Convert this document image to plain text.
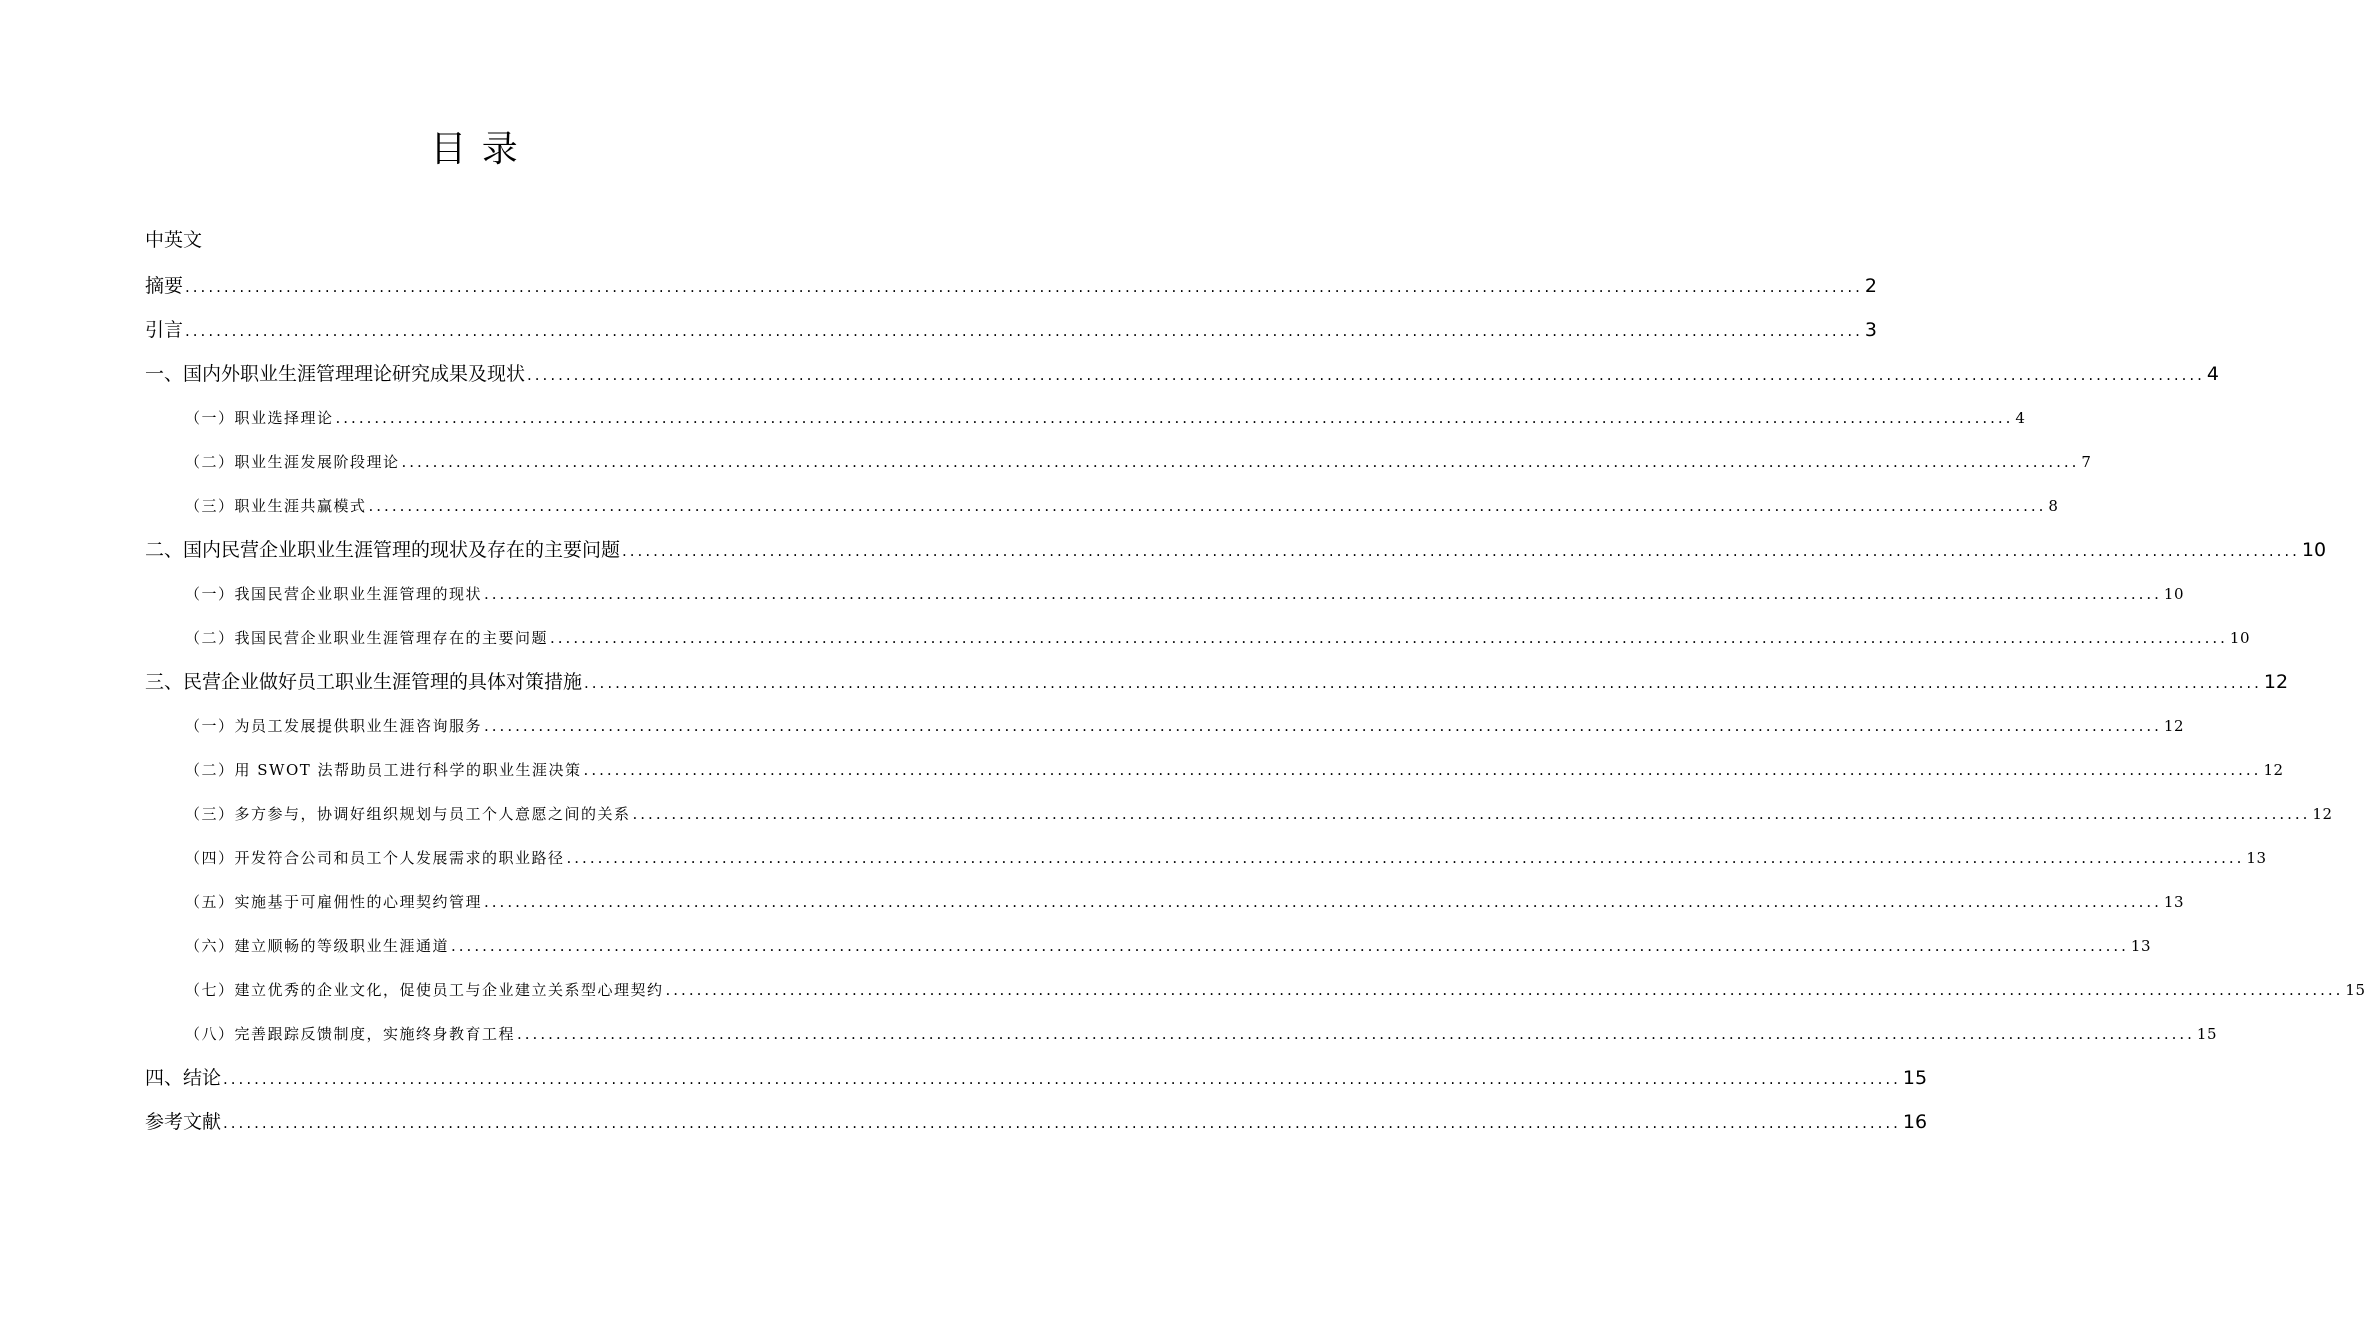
目 录
中英文
摘要 ........................................................................................................................................................................................................................ 2
引言 ........................................................................................................................................................................................................................ 3
一、国内外职业生涯管理理论研究成果及现状 ........................................................................................................................................................................................................................ 4
（一）职业选择理论 ........................................................................................................................................................................................................................ 4
（二）职业生涯发展阶段理论 ........................................................................................................................................................................................................................ 7
（三）职业生涯共赢模式 ........................................................................................................................................................................................................................ 8
二、国内民营企业职业生涯管理的现状及存在的主要问题 ........................................................................................................................................................................................................................ 10
（一）我国民营企业职业生涯管理的现状 ........................................................................................................................................................................................................................ 10
（二）我国民营企业职业生涯管理存在的主要问题 ........................................................................................................................................................................................................................ 10
三、民营企业做好员工职业生涯管理的具体对策措施 ........................................................................................................................................................................................................................ 12
（一）为员工发展提供职业生涯咨询服务 ........................................................................................................................................................................................................................ 12
（二）用 SWOT 法帮助员工进行科学的职业生涯决策 ........................................................................................................................................................................................................................ 12
（三）多方参与，协调好组织规划与员工个人意愿之间的关系 ........................................................................................................................................................................................................................ 12
（四）开发符合公司和员工个人发展需求的职业路径 ........................................................................................................................................................................................................................ 13
（五）实施基于可雇佣性的心理契约管理 ........................................................................................................................................................................................................................ 13
（六）建立顺畅的等级职业生涯通道 ........................................................................................................................................................................................................................ 13
（七）建立优秀的企业文化，促使员工与企业建立关系型心理契约 ........................................................................................................................................................................................................................ 15
（八）完善跟踪反馈制度，实施终身教育工程 ........................................................................................................................................................................................................................ 15
四、结论 ........................................................................................................................................................................................................................ 15
参考文献 ........................................................................................................................................................................................................................ 16
